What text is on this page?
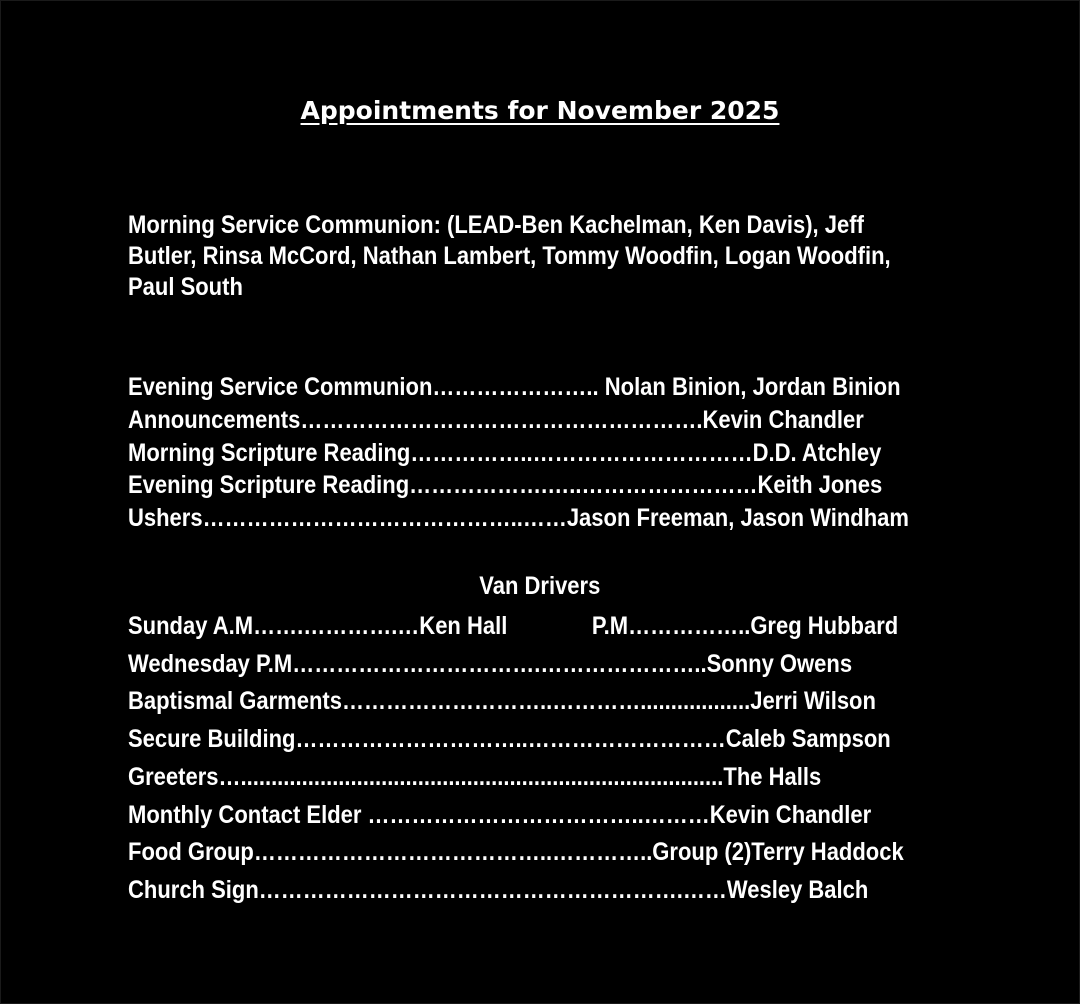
Appointments for November 2025
Morning Service Communion: (LEAD-Ben Kachelman, Ken Davis), Jeff Butler, Rinsa McCord, Nathan Lambert, Tommy Woodfin, Logan Woodfin, Paul South
Evening Service Communion………………….. Nolan Binion, Jordan Binion
Announcements……………………………………………….Kevin Chandler
Morning Scripture Reading……………..…………………………D.D. Atchley
Evening Scripture Reading……………….…..……………………Keith Jones
Ushers……………………………………..……Jason Freeman, Jason Windham
Van Drivers
Sunday A.M…….………….…Ken Hall	P.M……………..Greg Hubbard
Wednesday P.M…………………………….…………………..Sonny Owens
Baptismal Garments………………………..…………..................Jerri Wilson
Secure Building…………………………..………………………Caleb Sampson
Greeters…...............................................................................The Halls
Monthly Contact Elder ………………………………..………Kevin Chandler
Food Group…………………………………..…………..Group (2)Terry Haddock
Church Sign………………………………………………….……Wesley Balch
